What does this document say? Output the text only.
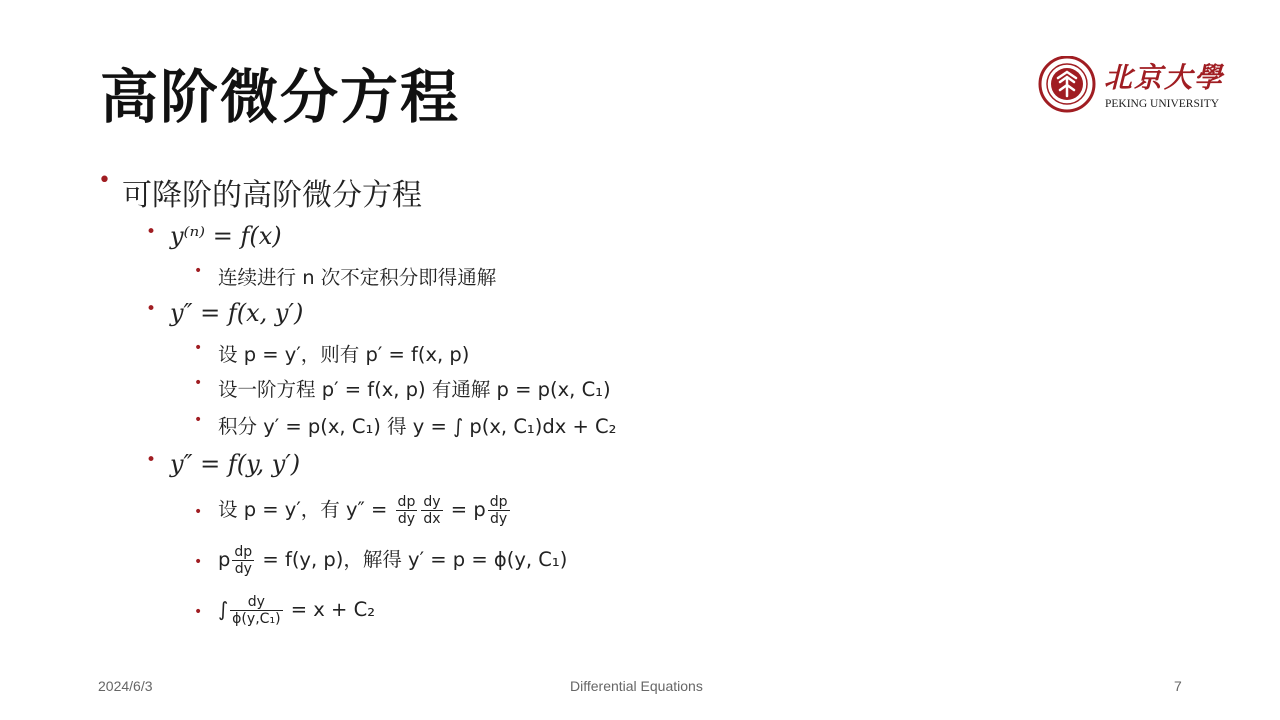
高阶微分方程	北京大學
PEKING UNIVERSITY
• 可降阶的高阶微分方程
• y⁽ⁿ⁾ = f(x)
• 连续进行 n 次不定积分即得通解
• y″ = f(x, y′)
• 设 p = y′，则有 p′ = f(x, p)
• 设一阶方程 p′ = f(x, p) 有通解 p = p(x, C₁)
• 积分 y′ = p(x, C₁) 得 y = ∫ p(x, C₁)dx + C₂
• y″ = f(y, y′)
• 设 p = y′，有 $y'' = \frac{dp}{dy} \frac{dy}{dx} = p \frac{dp}{dy}$
• p $\frac{dp}{dy} = f(y$, p)，解得 y′ = p = ϕ(y, C₁)
• ∫ $\frac{dy}{\text{ϕ(y,C₁)}} = x + C_2$
2024/6/3	Differential Equations	7
